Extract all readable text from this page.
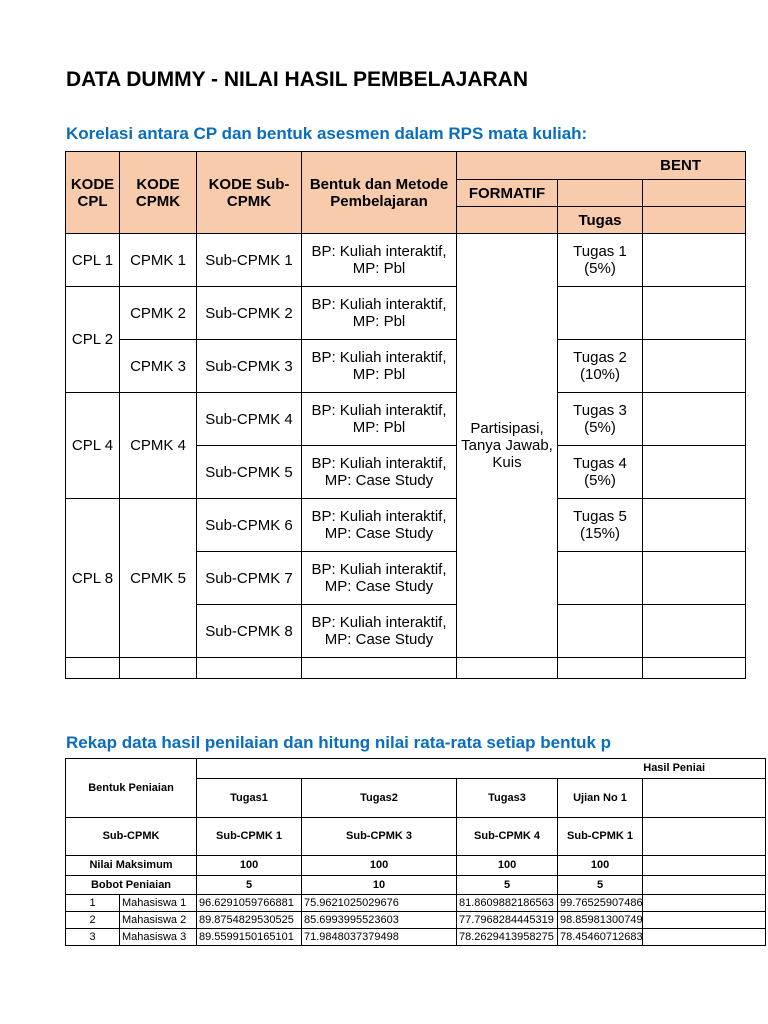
DATA DUMMY - NILAI HASIL PEMBELAJARAN
Korelasi antara CP dan bentuk asesmen dalam RPS mata kuliah:
KODE CPL	KODE CPMK	KODE Sub-CPMK	Bentuk dan Metode Pembelajaran	BENT		
				FORMATIF		
					Tugas	
CPL 1	CPMK 1	Sub-CPMK 1	BP: Kuliah interaktif, MP: Pbl	Partisipasi, Tanya Jawab, Kuis	Tugas 1 (5%)	
CPL 2	CPMK 2	Sub-CPMK 2	BP: Kuliah interaktif, MP: Pbl			
	CPMK 3	Sub-CPMK 3	BP: Kuliah interaktif, MP: Pbl		Tugas 2 (10%)	
CPL 4	CPMK 4	Sub-CPMK 4	BP: Kuliah interaktif, MP: Pbl		Tugas 3 (5%)	
		Sub-CPMK 5	BP: Kuliah interaktif, MP: Case Study		Tugas 4 (5%)	
CPL 8	CPMK 5	Sub-CPMK 6	BP: Kuliah interaktif, MP: Case Study		Tugas 5 (15%)	
		Sub-CPMK 7	BP: Kuliah interaktif, MP: Case Study			
		Sub-CPMK 8	BP: Kuliah interaktif, MP: Case Study			

Rekap data hasil penilaian dan hitung nilai rata-rata setiap bentuk p
Bentuk Peniaian		Hasil Peniai				
		Tugas1	Tugas2	Tugas3	Ujian No 1	
Sub-CPMK		Sub-CPMK 1	Sub-CPMK 3	Sub-CPMK 4	Sub-CPMK 1	
Nilai Maksimum		100	100	100	100	
Bobot Peniaian		5	10	5	5	
1	Mahasiswa 1	96.6291059766881	75.9621025029676	81.8609882186563	99.76525907486	
2	Mahasiswa 2	89.8754829530525	85.6993995523603	77.7968284445319	98.85981300749	
3	Mahasiswa 3	89.5599150165101	71.9848037379498	78.2629413958275	78.45460712683	
